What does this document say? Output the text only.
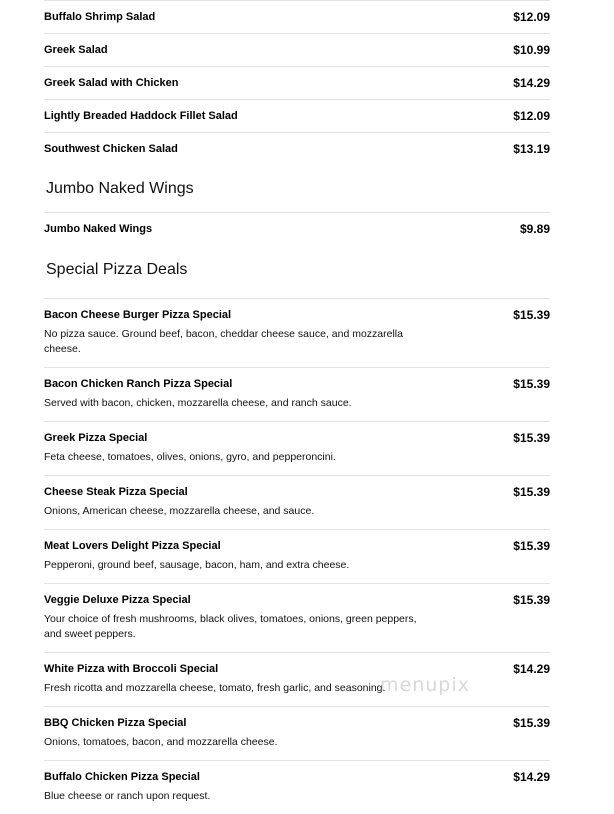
Buffalo Shrimp Salad	$12.09
Greek Salad	$10.99
Greek Salad with Chicken	$14.29
Lightly Breaded Haddock Fillet Salad	$12.09
Southwest Chicken Salad	$13.19
Jumbo Naked Wings
Jumbo Naked Wings	$9.89
Special Pizza Deals
Bacon Cheese Burger Pizza Special	$15.39
No pizza sauce. Ground beef, bacon, cheddar cheese sauce, and mozzarella cheese.
Bacon Chicken Ranch Pizza Special	$15.39
Served with bacon, chicken, mozzarella cheese, and ranch sauce.
Greek Pizza Special	$15.39
Feta cheese, tomatoes, olives, onions, gyro, and pepperoncini.
Cheese Steak Pizza Special	$15.39
Onions, American cheese, mozzarella cheese, and sauce.
Meat Lovers Delight Pizza Special	$15.39
Pepperoni, ground beef, sausage, bacon, ham, and extra cheese.
Veggie Deluxe Pizza Special	$15.39
Your choice of fresh mushrooms, black olives, tomatoes, onions, green peppers, and sweet peppers.
White Pizza with Broccoli Special	$14.29
Fresh ricotta and mozzarella cheese, tomato, fresh garlic, and seasoning.
BBQ Chicken Pizza Special	$15.39
Onions, tomatoes, bacon, and mozzarella cheese.
Buffalo Chicken Pizza Special	$14.29
Blue cheese or ranch upon request.
menupix
